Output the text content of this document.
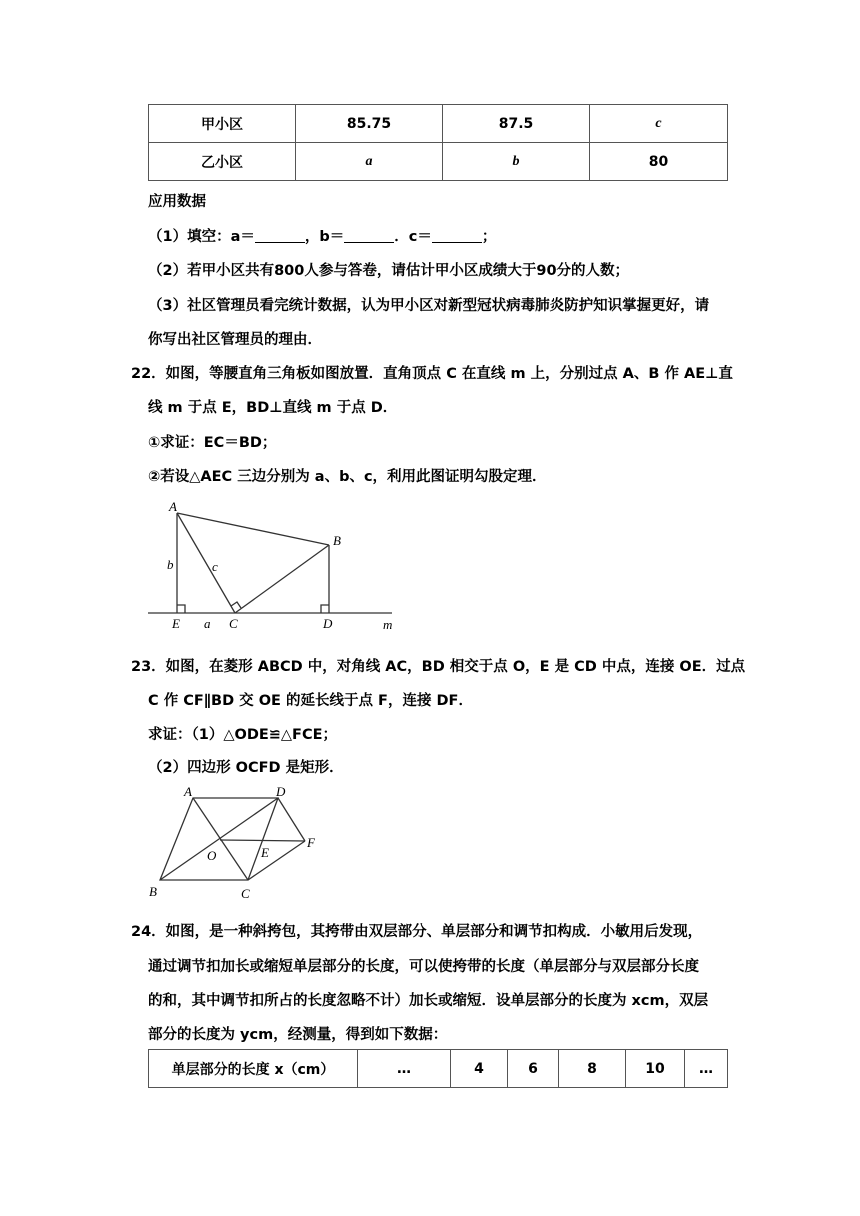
甲小区	85.75	87.5	c
乙小区	a	b	80
应用数据
（1）填空：a＝	，b＝	．c＝	；
（2）若甲小区共有800人参与答卷，请估计甲小区成绩大于90分的人数；
（3）社区管理员看完统计数据，认为甲小区对新型冠状病毒肺炎防护知识掌握更好，请
你写出社区管理员的理由．
22．如图，等腰直角三角板如图放置．直角顶点 C 在直线 m 上，分别过点 A、B 作 AE⊥直
线 m 于点 E，BD⊥直线 m 于点 D．
①求证：EC＝BD；
②若设△AEC 三边分别为 a、b、c，利用此图证明勾股定理．
A
B
b	c
E a C	D	m
23．如图，在菱形 ABCD 中，对角线 AC，BD 相交于点 O，E 是 CD 中点，连接 OE．过点
C 作 CF∥BD 交 OE 的延长线于点 F，连接 DF．
求证：（1）△ODE≌△FCE；
（2）四边形 OCFD 是矩形．
A	D
F
O	E
B	C
24．如图，是一种斜挎包，其挎带由双层部分、单层部分和调节扣构成．小敏用后发现，
通过调节扣加长或缩短单层部分的长度，可以使挎带的长度（单层部分与双层部分长度
的和，其中调节扣所占的长度忽略不计）加长或缩短．设单层部分的长度为 xcm，双层
部分的长度为 ycm，经测量，得到如下数据：
单层部分的长度 x（cm）	…	4	6	8	10	…
